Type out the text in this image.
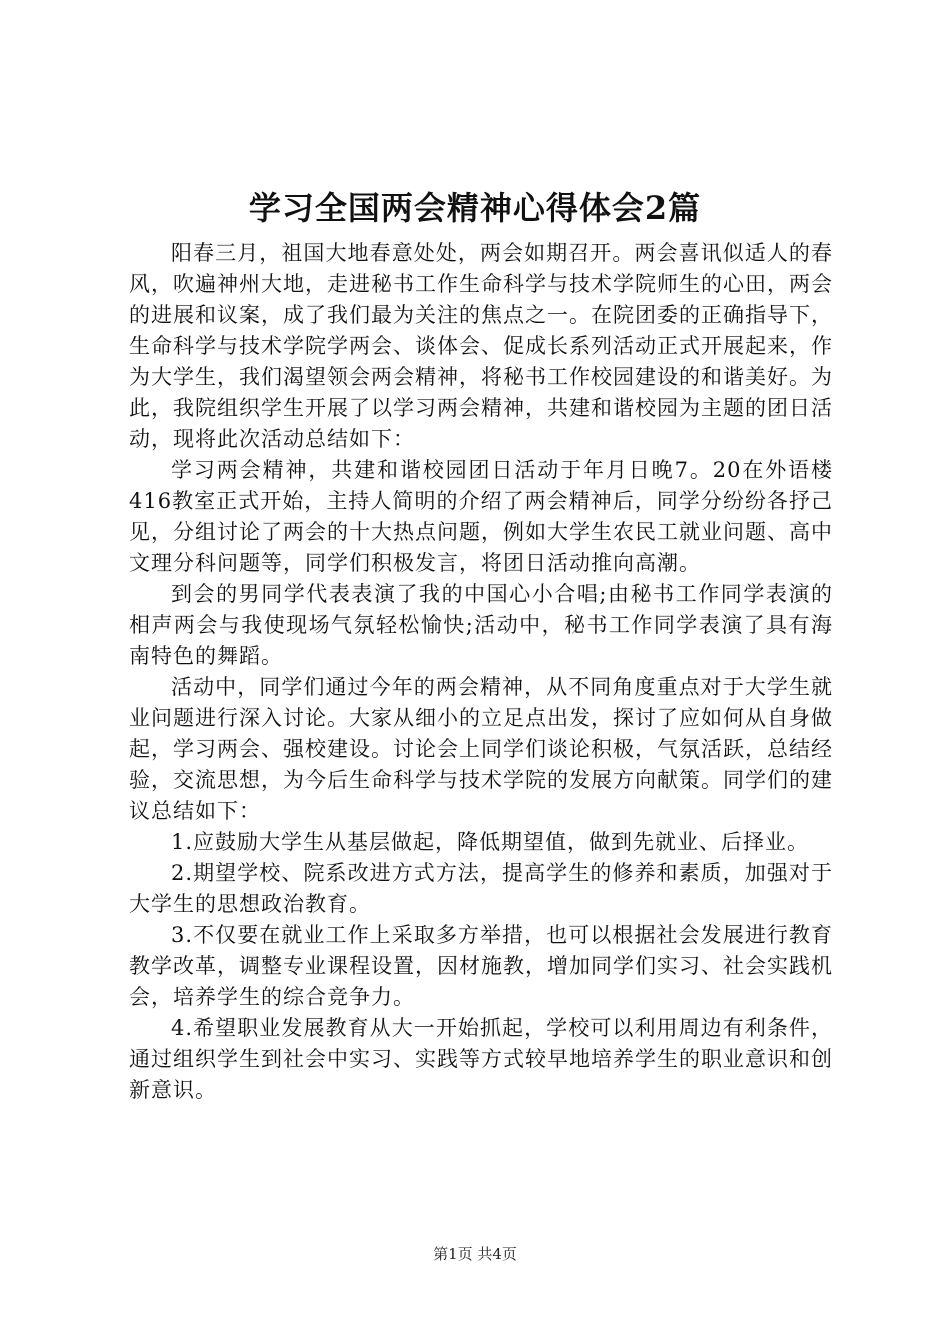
学习全国两会精神心得体会2篇

阳春三月，祖国大地春意处处，两会如期召开。两会喜讯似适人的春风，吹遍神州大地，走进秘书工作生命科学与技术学院师生的心田，两会的进展和议案，成了我们最为关注的焦点之一。在院团委的正确指导下，生命科学与技术学院学两会、谈体会、促成长系列活动正式开展起来，作为大学生，我们渴望领会两会精神，将秘书工作校园建设的和谐美好。为此，我院组织学生开展了以学习两会精神，共建和谐校园为主题的团日活动，现将此次活动总结如下：

学习两会精神，共建和谐校园团日活动于年月日晚7。20在外语楼416教室正式开始，主持人简明的介绍了两会精神后，同学分纷纷各抒己见，分组讨论了两会的十大热点问题，例如大学生农民工就业问题、高中文理分科问题等，同学们积极发言，将团日活动推向高潮。

到会的男同学代表表演了我的中国心小合唱;由秘书工作同学表演的相声两会与我使现场气氛轻松愉快;活动中，秘书工作同学表演了具有海南特色的舞蹈。

活动中，同学们通过今年的两会精神，从不同角度重点对于大学生就业问题进行深入讨论。大家从细小的立足点出发，探讨了应如何从自身做起，学习两会、强校建设。讨论会上同学们谈论积极，气氛活跃，总结经验，交流思想，为今后生命科学与技术学院的发展方向献策。同学们的建议总结如下：

1.应鼓励大学生从基层做起，降低期望值，做到先就业、后择业。

2.期望学校、院系改进方式方法，提高学生的修养和素质，加强对于大学生的思想政治教育。

3.不仅要在就业工作上采取多方举措，也可以根据社会发展进行教育教学改革，调整专业课程设置，因材施教，增加同学们实习、社会实践机会，培养学生的综合竞争力。

4.希望职业发展教育从大一开始抓起，学校可以利用周边有利条件，通过组织学生到社会中实习、实践等方式较早地培养学生的职业意识和创新意识。

第1页 共4页
